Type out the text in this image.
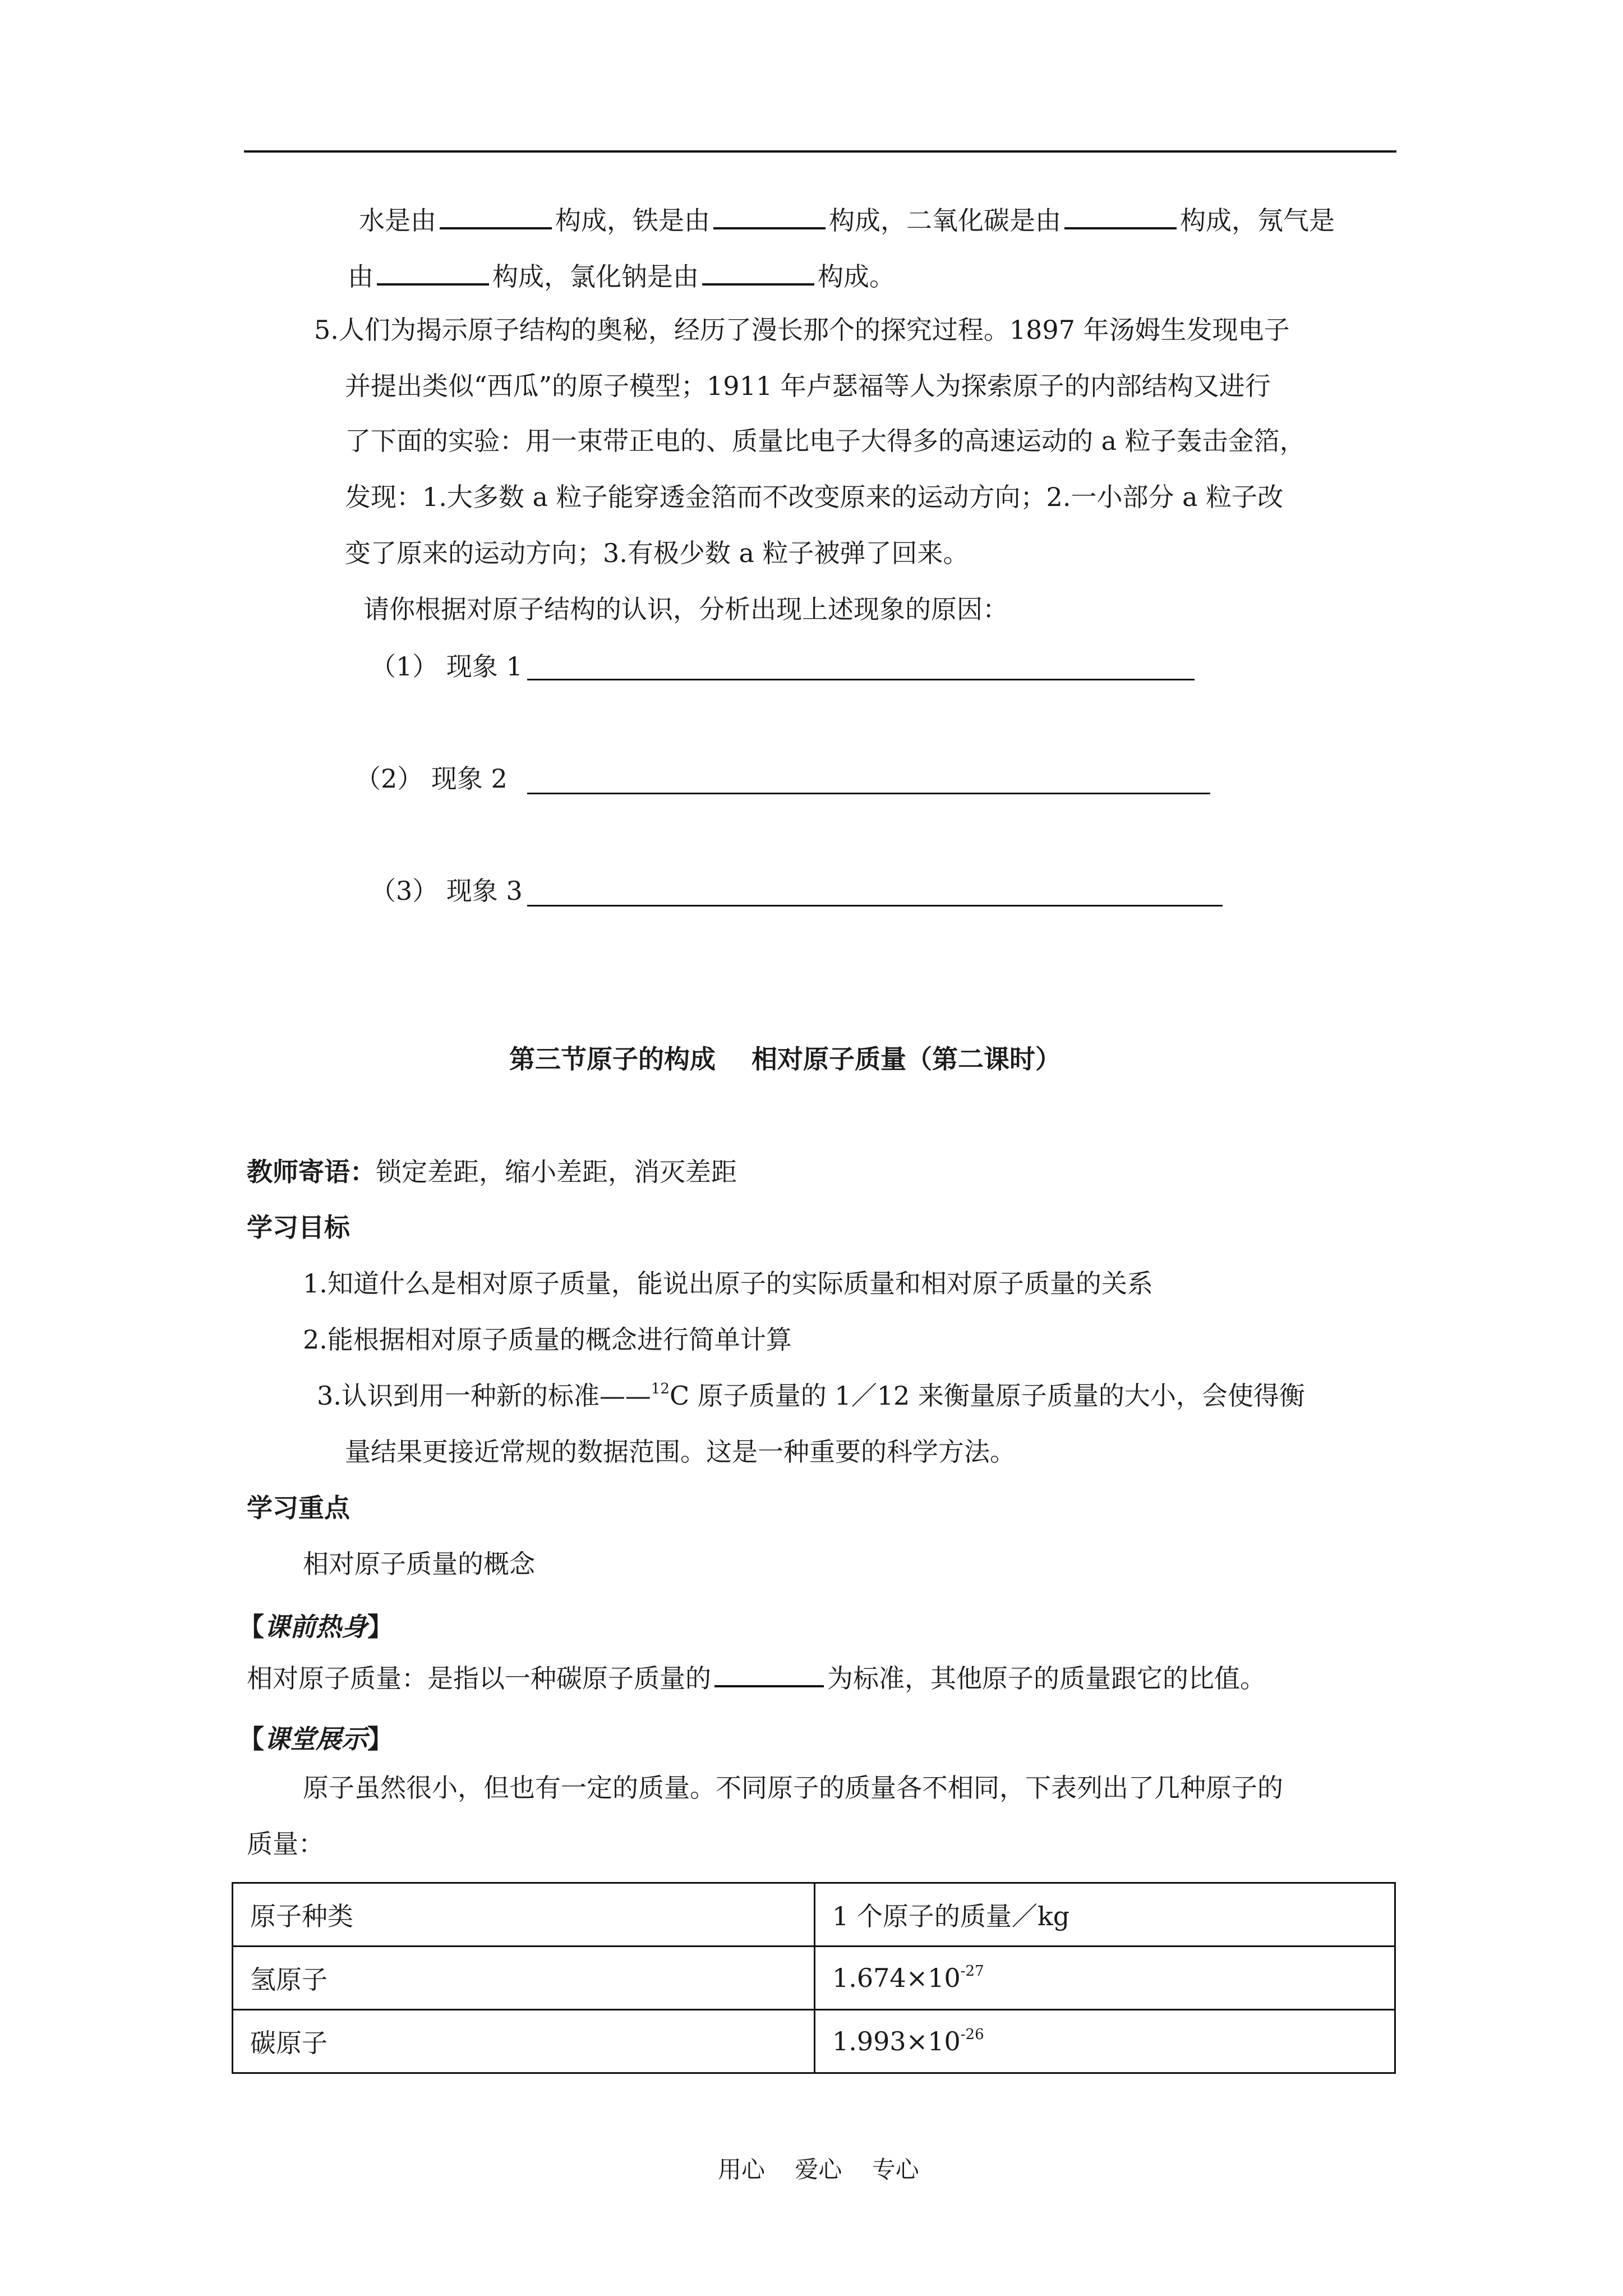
水是由	构成，铁是由	构成，二氧化碳是由	构成，氖气是
由	构成，氯化钠是由	构成。
5.人们为揭示原子结构的奥秘，经历了漫长那个的探究过程。1897 年汤姆生发现电子
并提出类似“西瓜”的原子模型；1911 年卢瑟福等人为探索原子的内部结构又进行
了下面的实验：用一束带正电的、质量比电子大得多的高速运动的 a 粒子轰击金箔，
发现：1.大多数 a 粒子能穿透金箔而不改变原来的运动方向；2.一小部分 a 粒子改
变了原来的运动方向；3.有极少数 a 粒子被弹了回来。
请你根据对原子结构的认识，分析出现上述现象的原因：
（1） 现象 1
（2） 现象 2
（3） 现象 3
第三节原子的构成    相对原子质量（第二课时）
教师寄语：锁定差距，缩小差距，消灭差距
学习目标
1.知道什么是相对原子质量，能说出原子的实际质量和相对原子质量的关系
2.能根据相对原子质量的概念进行简单计算
3.认识到用一种新的标准——$^{12}$C 原子质量的 1／12 来衡量原子质量的大小，会使得衡
量结果更接近常规的数据范围。这是一种重要的科学方法。
学习重点
相对原子质量的概念
【课前热身】
相对原子质量：是指以一种碳原子质量的	为标准，其他原子的质量跟它的比值。
【课堂展示】
原子虽然很小，但也有一定的质量。不同原子的质量各不相同，下表列出了几种原子的
质量：
原子种类	1 个原子的质量／kg
氢原子	$1.674\times 10^{-27}$
碳原子	$1.993\times 10^{-26}$
用心    爱心    专心
